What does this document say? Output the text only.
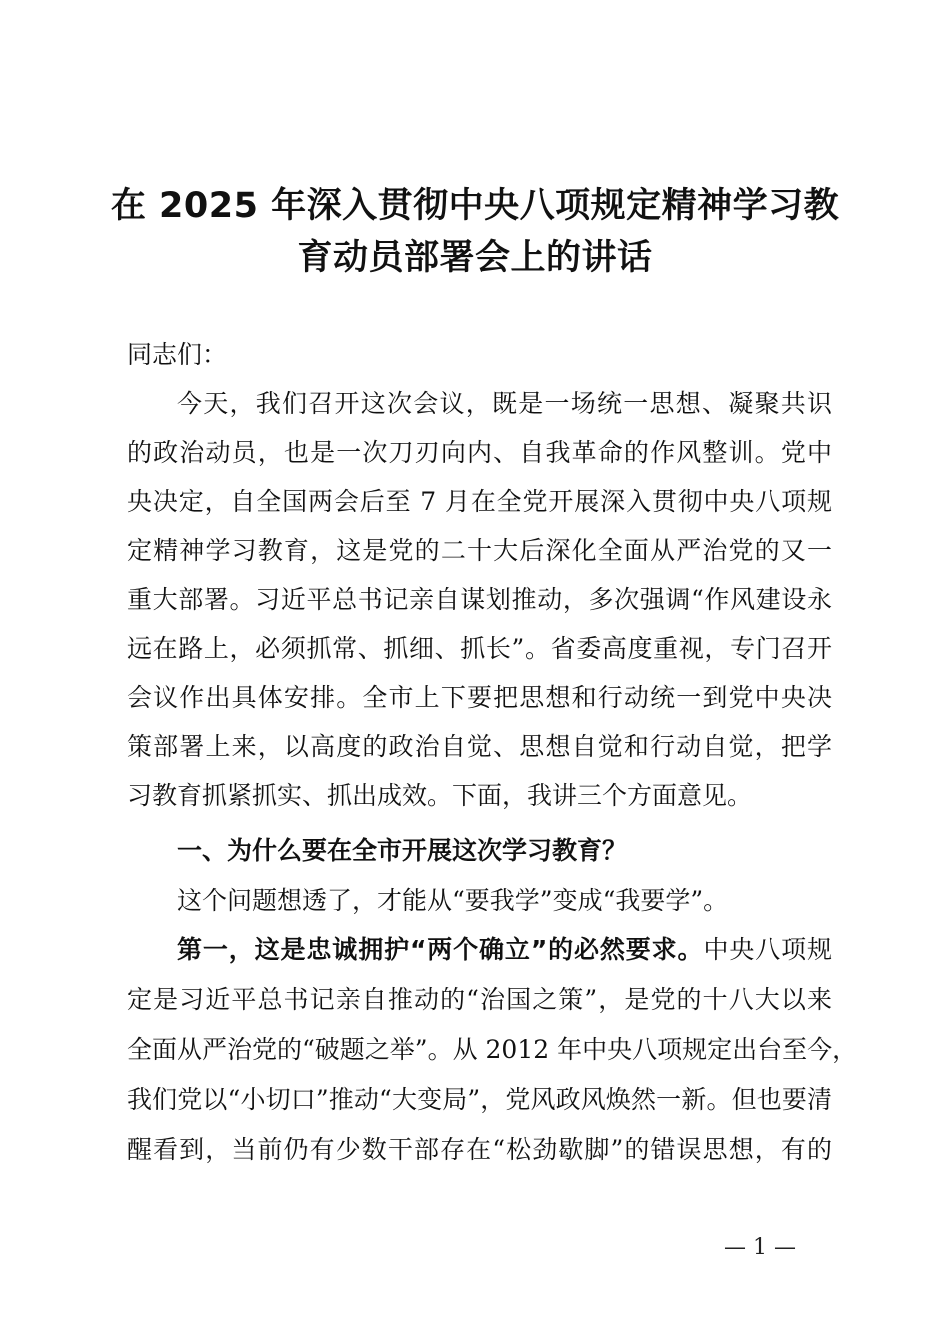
在 2025 年深入贯彻中央八项规定精神学习教
育动员部署会上的讲话
同志们：
今天，我们召开这次会议，既是一场统一思想、凝聚共识
的政治动员，也是一次刀刃向内、自我革命的作风整训。党中
央决定，自全国两会后至 7 月在全党开展深入贯彻中央八项规
定精神学习教育，这是党的二十大后深化全面从严治党的又一
重大部署。习近平总书记亲自谋划推动，多次强调“作风建设永
远在路上，必须抓常、抓细、抓长”。省委高度重视，专门召开
会议作出具体安排。全市上下要把思想和行动统一到党中央决
策部署上来，以高度的政治自觉、思想自觉和行动自觉，把学
习教育抓紧抓实、抓出成效。下面，我讲三个方面意见。
一、为什么要在全市开展这次学习教育？
这个问题想透了，才能从“要我学”变成“我要学”。
第一，这是忠诚拥护“两个确立”的必然要求。中央八项规
定是习近平总书记亲自推动的“治国之策”，是党的十八大以来
全面从严治党的“破题之举”。从 2012 年中央八项规定出台至今，
我们党以“小切口”推动“大变局”，党风政风焕然一新。但也要清
醒看到，当前仍有少数干部存在“松劲歇脚”的错误思想，有的
— 1 —
